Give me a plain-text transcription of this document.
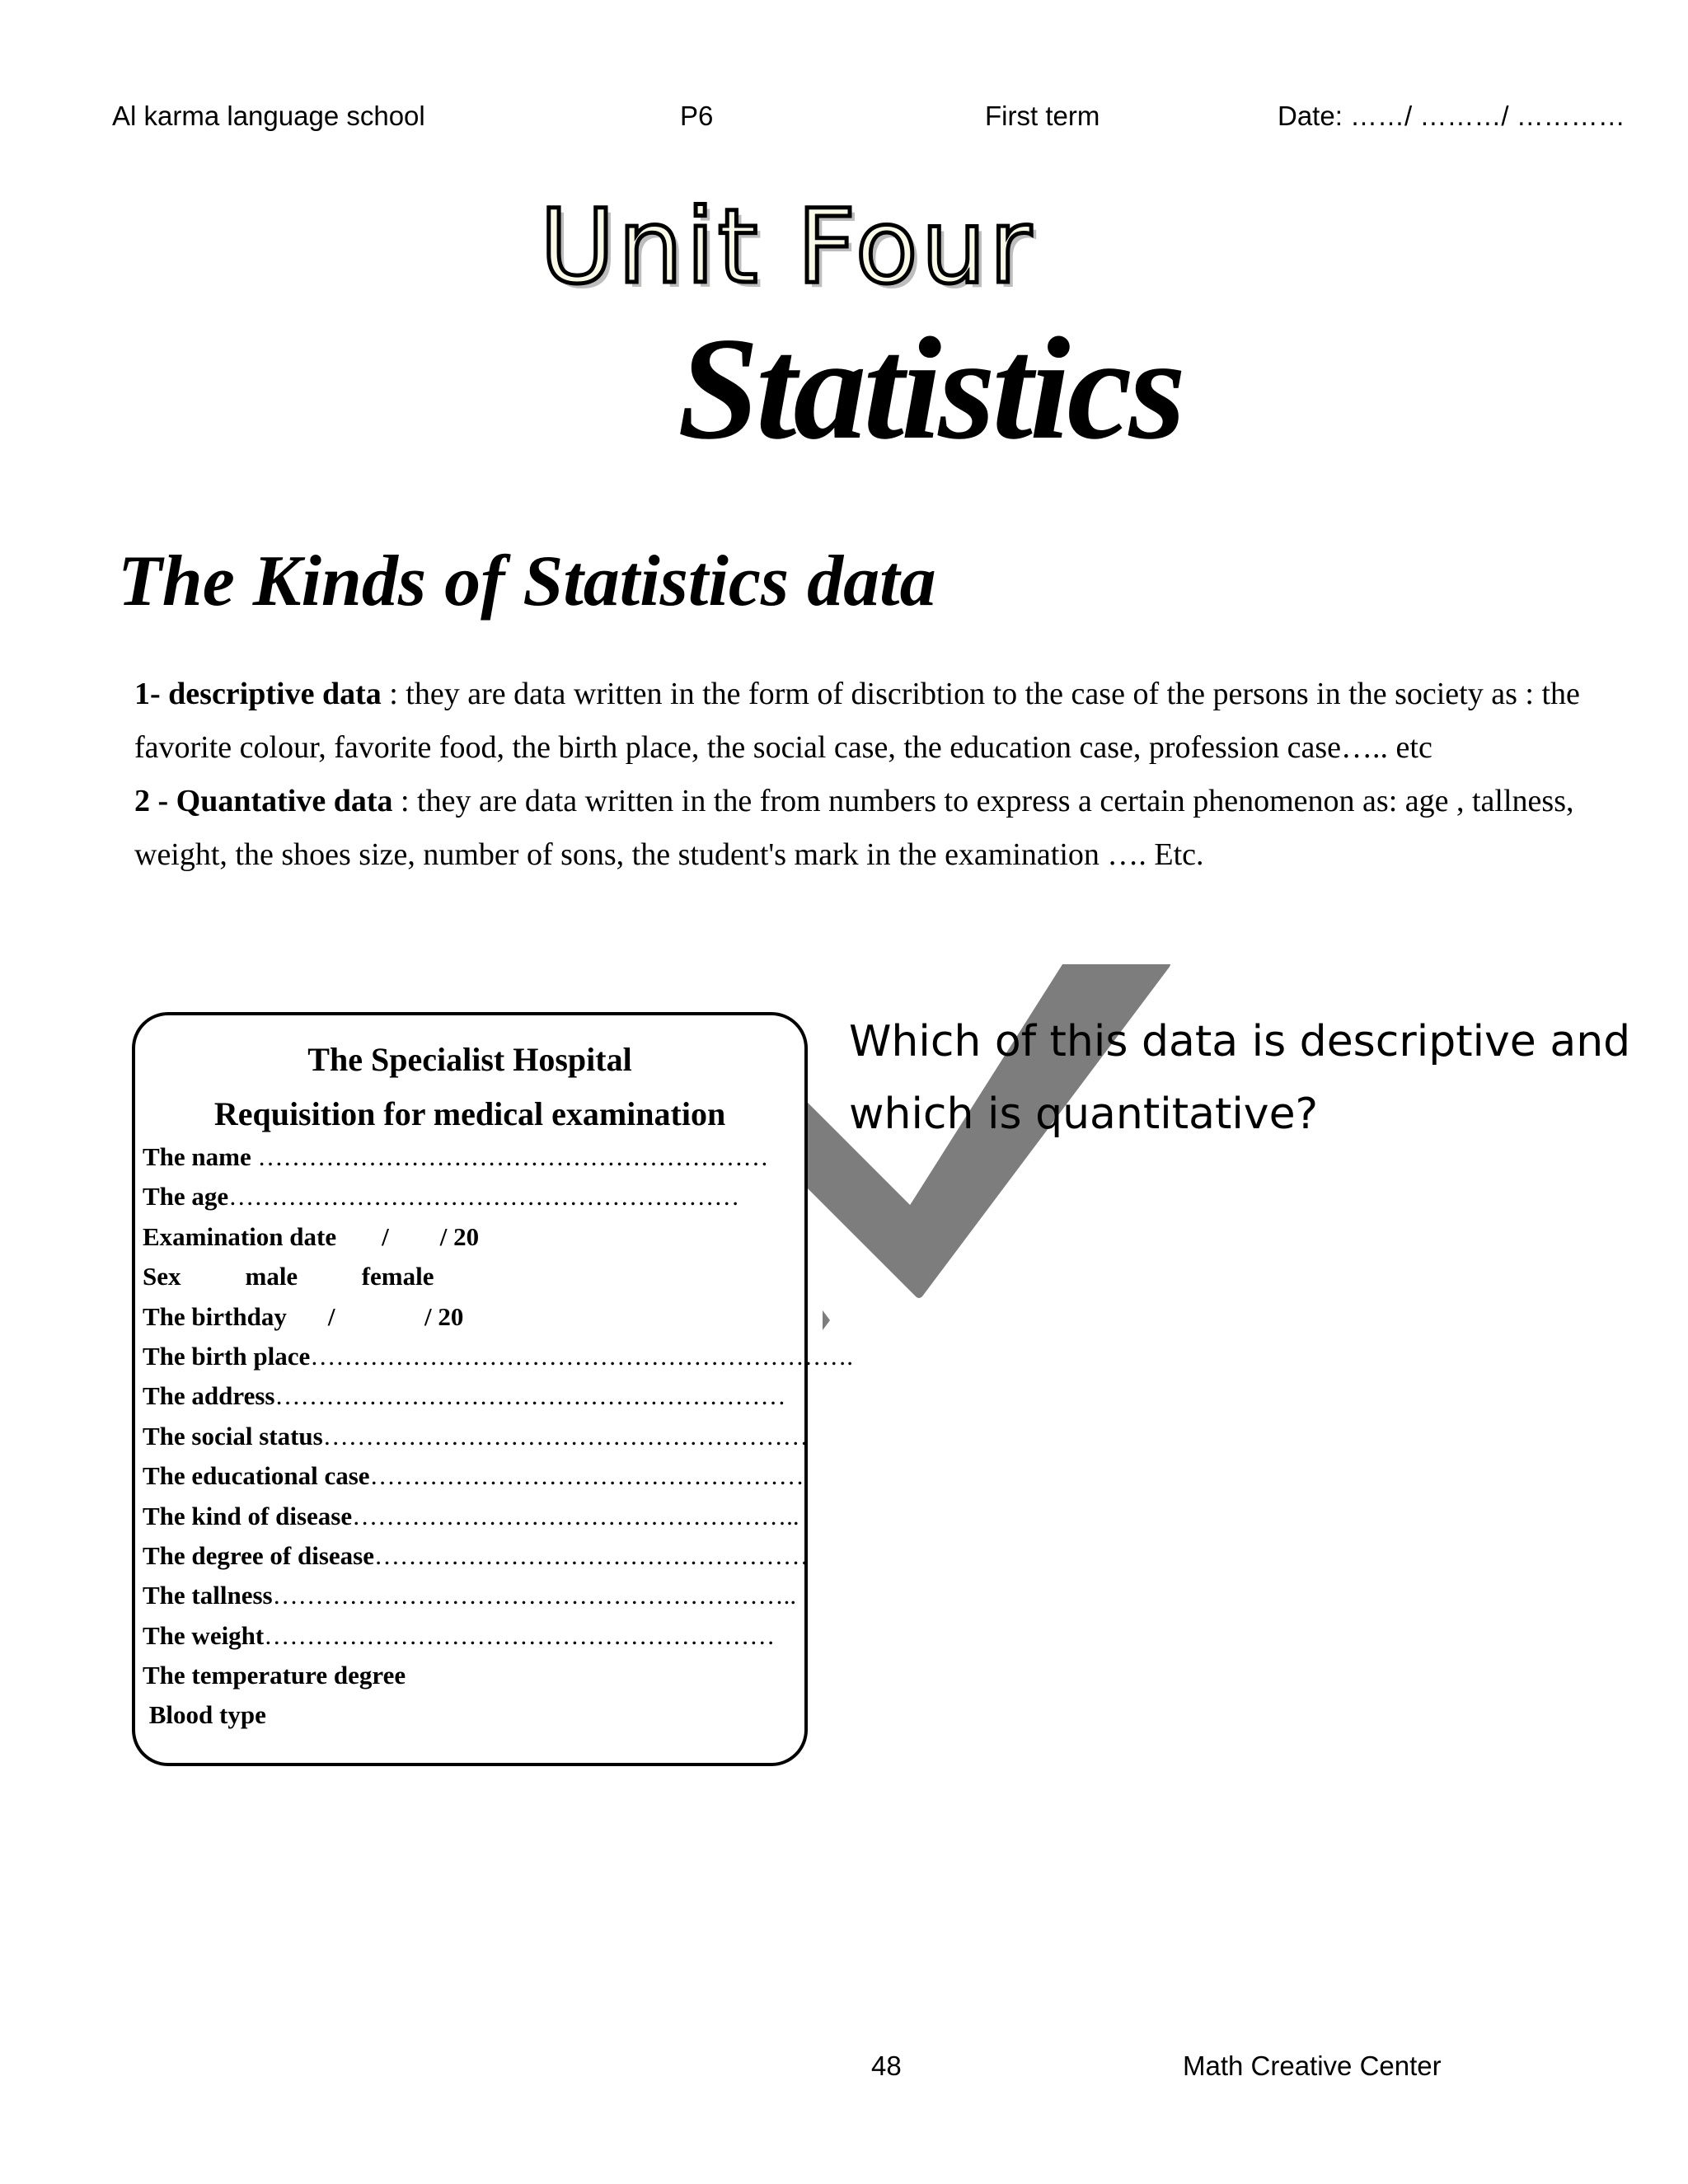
Al karma language school	P6	First term	Date: ……/ ………/ …………
Unit Four
Statistics
The Kinds of Statistics data

1- descriptive data : they are data written in the form of discribtion to the case of the persons in the society as : the favorite colour, favorite food, the birth place, the social case, the education case, profession case….. etc

2 - Quantative data : they are data written in the from numbers to express a certain phenomenon as: age , tallness, weight, the shoes size, number of sons, the student's mark in the examination …. Etc.

Which of this data is descriptive and which is quantitative?
The Specialist Hospital
Requisition for medical examination
The name ……………………………………………………
The age……………………………………………………
Examination date /        / 20
Sex	male          female
The birthday /              / 20
The birth place……………………………………………………….
The address……………………………………………………
The social status…………………………………………………
The educational case……………………………………………
The kind of disease……………………………………………..
The degree of disease……………………………………………
The tallness……………………………………………………..
The weight……………………………………………………
The temperature degree
Blood type
48	Math Creative Center
